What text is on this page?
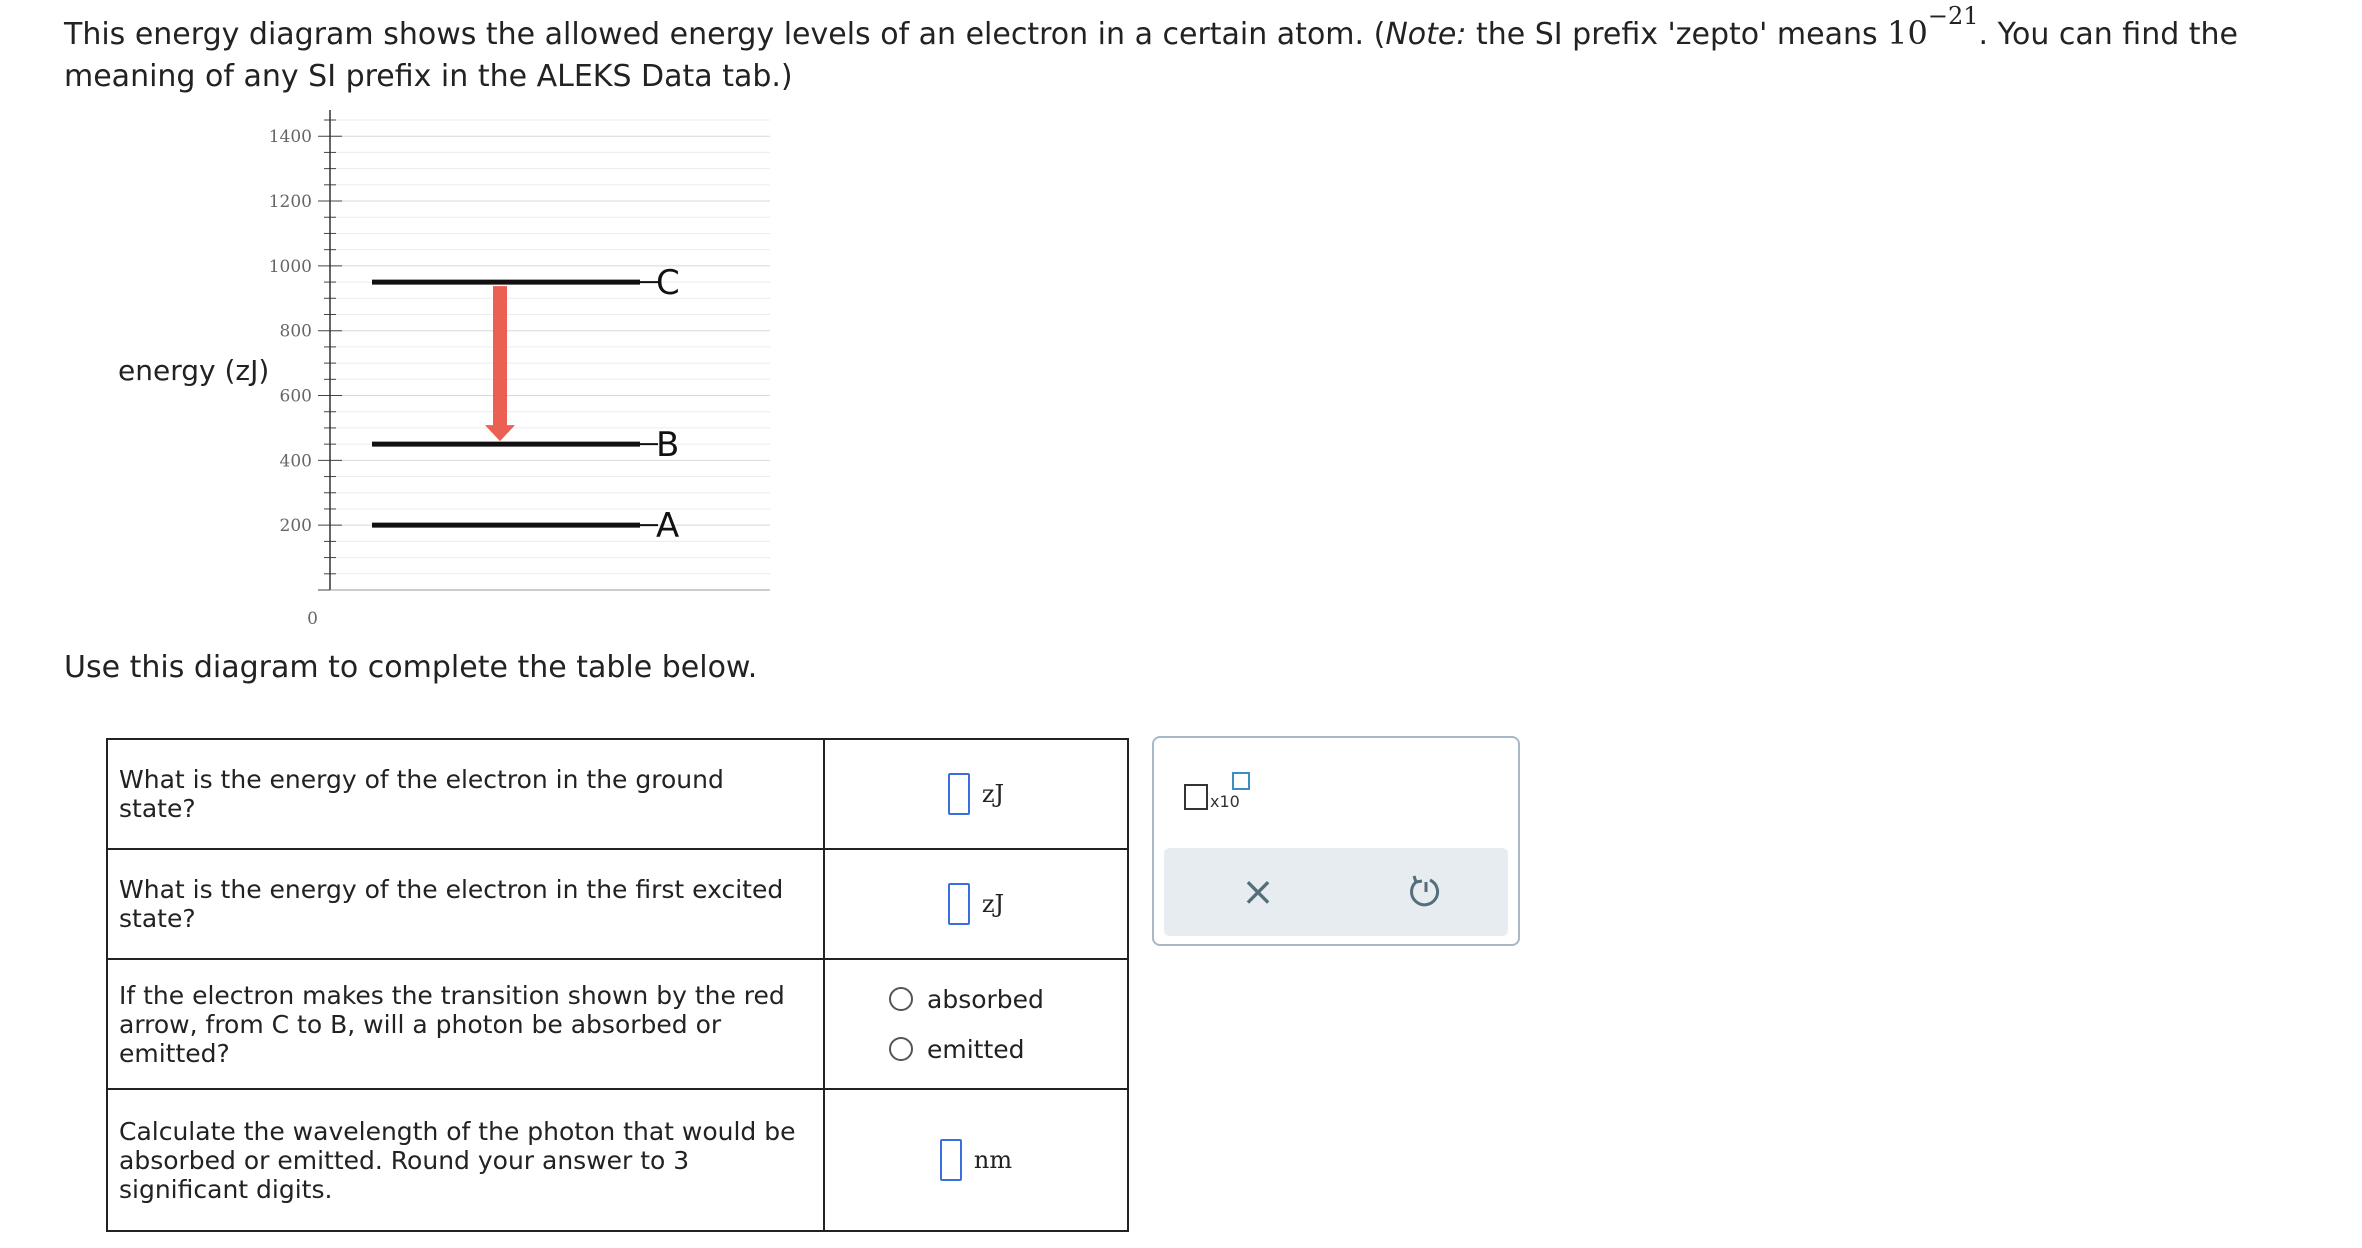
This energy diagram shows the allowed energy levels of an electron in a certain atom. (Note: the SI prefix 'zepto' means $10^{-21}$. You can find the meaning of any SI prefix in the ALEKS Data tab.)
0
200
400
600
800
1000
1200
1400
energy (zJ)
A
B
C
Use this diagram to complete the table below.
What is the energy of the electron in the ground state?	zJ

What is the energy of the electron in the first excited state?	zJ

If the electron makes the transition shown by the red arrow, from C to B, will a photon be absorbed or emitted?	absorbed
emitted

Calculate the wavelength of the photon that would be absorbed or emitted. Round your answer to 3 significant digits.	nm
x10
×
